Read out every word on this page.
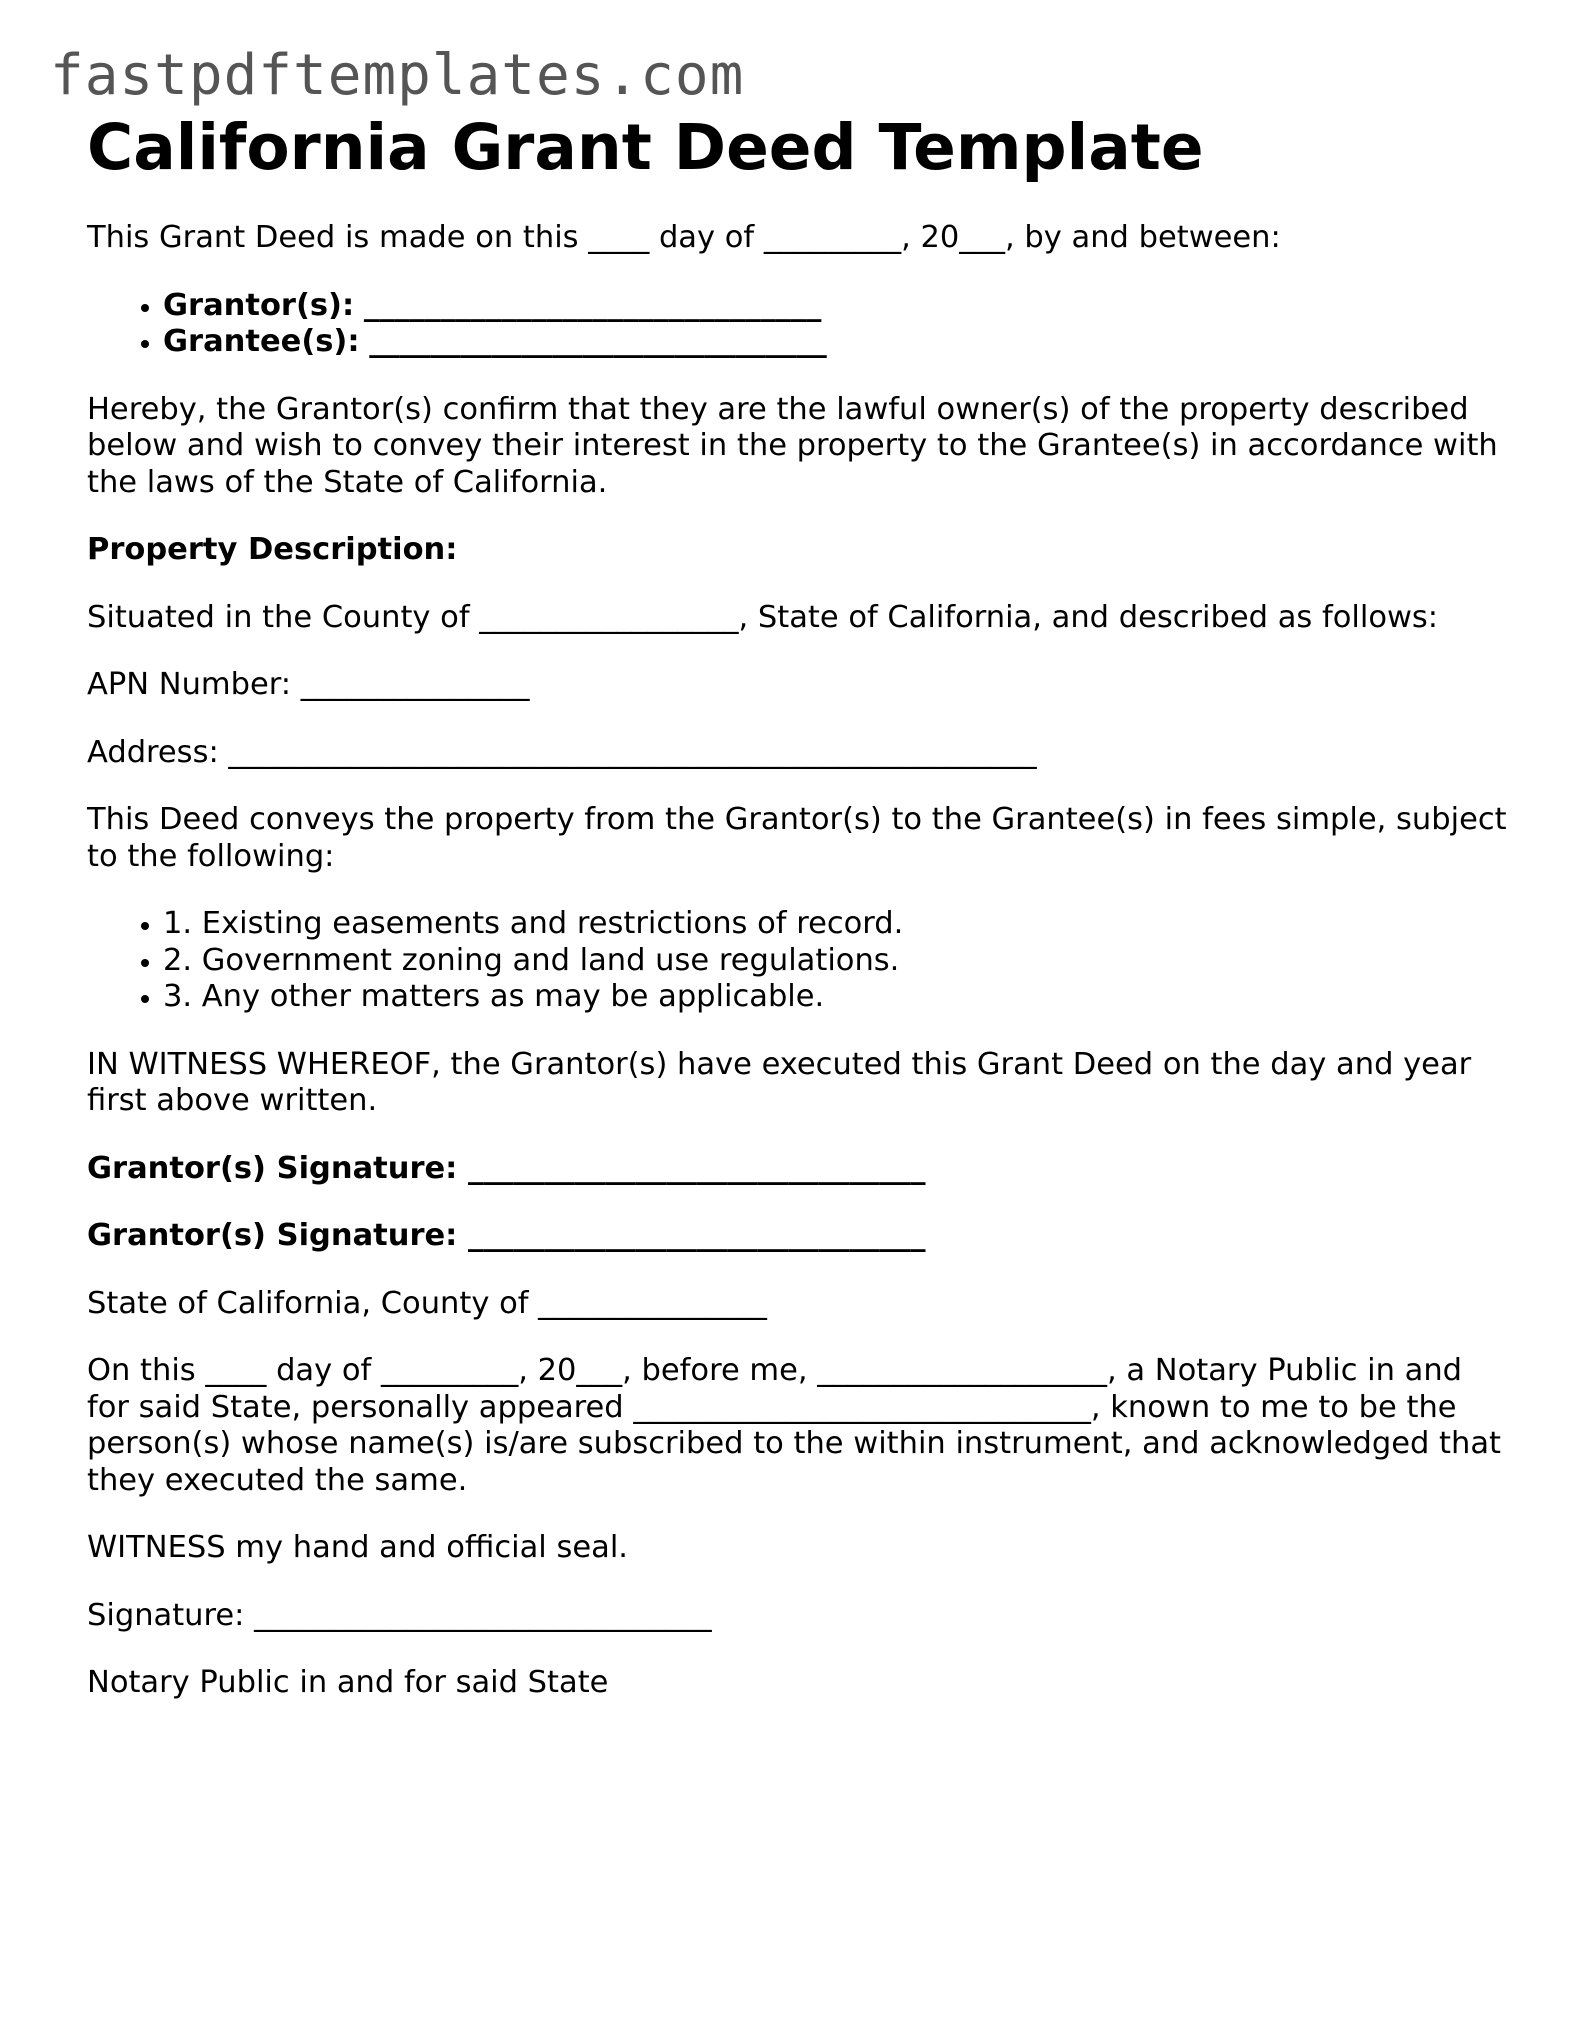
fastpdftemplates.com
California Grant Deed Template

This Grant Deed is made on this ____ day of _________, 20___, by and between:

• Grantor(s): ______________________________
• Grantee(s): ______________________________

Hereby, the Grantor(s) confirm that they are the lawful owner(s) of the property described below and wish to convey their interest in the property to the Grantee(s) in accordance with the laws of the State of California.

Property Description:

Situated in the County of _________________, State of California, and described as follows:

APN Number: _______________

Address: _____________________________________________________

This Deed conveys the property from the Grantor(s) to the Grantee(s) in fees simple, subject to the following:

• 1. Existing easements and restrictions of record.
• 2. Government zoning and land use regulations.
• 3. Any other matters as may be applicable.

IN WITNESS WHEREOF, the Grantor(s) have executed this Grant Deed on the day and year first above written.

Grantor(s) Signature: ______________________________

Grantor(s) Signature: ______________________________

State of California, County of _______________

On this ____ day of _________, 20___, before me, ___________________, a Notary Public in and for said State, personally appeared ______________________________, known to me to be the person(s) whose name(s) is/are subscribed to the within instrument, and acknowledged that they executed the same.

WITNESS my hand and official seal.

Signature: ______________________________

Notary Public in and for said State
